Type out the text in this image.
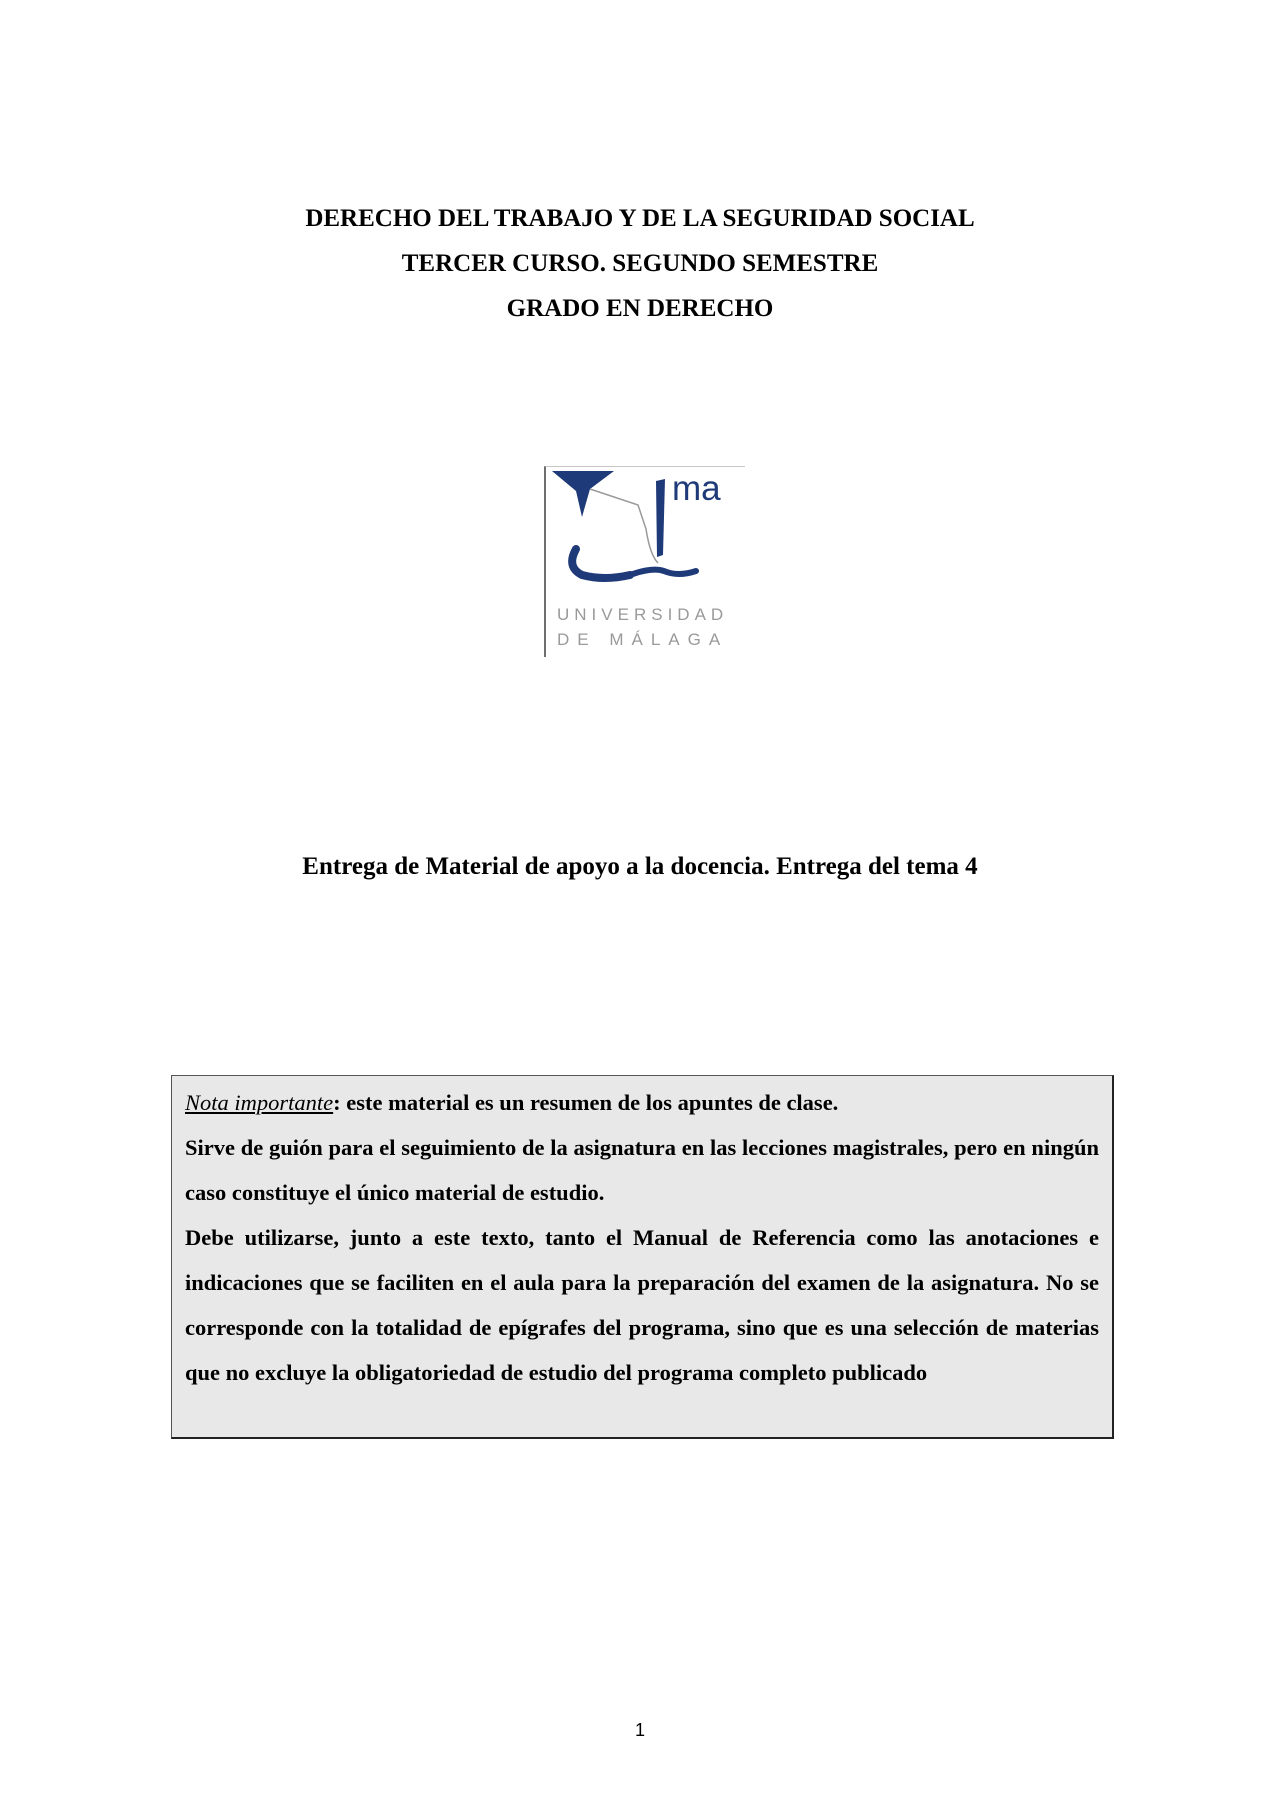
DERECHO DEL TRABAJO Y DE LA SEGURIDAD SOCIAL
TERCER CURSO. SEGUNDO SEMESTRE
GRADO EN DERECHO
ma
UNIVERSIDAD
DE MÁLAGA
Entrega de Material de apoyo a la docencia. Entrega del tema 4

Nota importante: este material es un resumen de los apuntes de clase.

Sirve de guión para el seguimiento de la asignatura en las lecciones magistrales, pero en ningún caso constituye el único material de estudio.

Debe utilizarse, junto a este texto, tanto el Manual de Referencia como las anotaciones e indicaciones que se faciliten en el aula para la preparación del examen de la asignatura. No se corresponde con la totalidad de epígrafes del programa, sino que es una selección de materias que no excluye la obligatoriedad de estudio del programa completo publicado

1
